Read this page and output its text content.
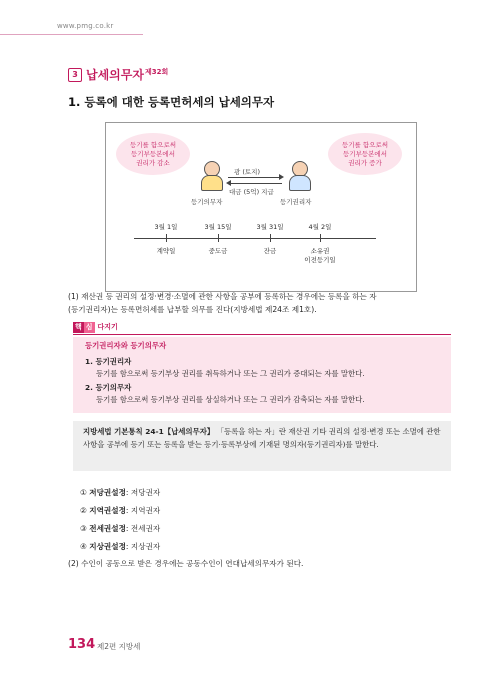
www.pmg.co.kr
3 납세의무자$^{제32회}$
1. 등록에 대한 등록면허세의 납세의무자
등기를 함으로써
등기부등본에서
권리가 감소
등기를 함으로써
등기부등본에서
권리가 증가
광 (토지)
대금 (5억) 지급
등기의무자	등기권리자
3월 1일	3월 15일	3월 31일	4월 2일
계약일	중도금	잔금	소유권
이전등기일
(1) 재산권 등 권리의 설정·변경·소멸에 관한 사항을 공부에 등록하는 경우에는 등록을 하는 자
(등기권리자)는 등록면허세를 납부할 의무를 진다(지방세법 제24조 제1호).
핵 심 다지기
등기권리자와 등기의무자
1. 등기권리자
등기를 함으로써 등기부상 권리를 취득하거나 또는 그 권리가 증대되는 자를 말한다.
2. 등기의무자
등기를 함으로써 등기부상 권리를 상실하거나 또는 그 권리가 감축되는 자를 말한다.
지방세법 기본통칙 24-1【납세의무자】 「등록을 하는 자」란 재산권 기타 권리의 설정·변경 또는 소멸에 관한 사항을 공부에 등기 또는 등록을 받는 등기·등록부상에 기재된 명의자(등기권리자)를 말한다.
① 저당권설정: 저당권자
② 지역권설정: 지역권자
③ 전세권설정: 전세권자
④ 지상권설정: 지상권자
(2) 수인이 공동으로 받은 경우에는 공동수인이 연대납세의무자가 된다.
134 제2편 지방세
